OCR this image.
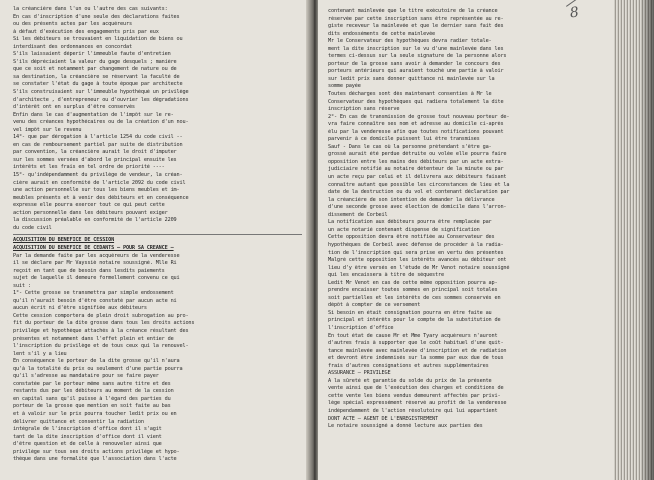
la créancière dans l'un ou l'autre des cas suivants:
En cas d'inscription d'une seule des déclarations faites
ou des présents actes par les acquéreurs
à défaut d'exécution des engagements pris par eux
Si les débiteurs se trouvaient en liquidation de biens ou
interdisant des ordonnances en concordat
S'ils laissaient déperir l'immeuble faute d'entretien
S'ils dépréciaient la valeur du gage desquels ; manière
que ce soit et notamment par changement de nature ou de
sa destination, la créancière se réservant la faculté de
se constater l'état du gage à toute époque par architecte
S'ils construisaient sur l'immeuble hypothéqué un privilège
d'architecte , d'entrepreneur ou d'ouvrier les dégradations
d'intérêt ont en surplus d'être conservés
Enfin dans le cas d'augmentation de l'impôt sur le re-
venu des créances hypothécaires ou de la création d'un nou-
vel impôt sur le revenu
14°- que par dérogation à l'article 1254 du code civil --
en cas de remboursement partiel par suite de distribution
par convention, la créancière aurait le droit d'imputer
sur les sommes versées d'abord le principal ensuite les
intérêts et les frais en tel ordre de priorité ----
15°- qu'indépendamment du privilège de vendeur, la créan-
cière aurait en conformité de l'article 2092 du code civil
une action personnelle sur tous les biens meubles et im-
meubles présents et à venir des débiteurs et en conséquence
expresse elle pourra exercer tout ce qui peut cette
action personnelle dans les débiteurs pouvant exiger
la discussion préalable en conformité de l'article 2209
du code civil
ACQUISITION DU BÉNÉFICE DE CESSION
ACQUISITION DU BÉNÉFICE DE CÉDANTS — POUR SA CRÉANCE —
Par la demande faite par les acquéreurs de la venderesse
il se déclare par Mr Vayssiè notaire soussigné. Mlle Ri
reçoit en tant que de besoin dans lesdits paiements
sujet de laquelle il demeure formellement convenu ce qui
suit :
1°- Cette grosse se transmettra par simple endossement
qu'il n'aurait besoin d'être constaté par aucun acte ni
aucun écrit ni d'être signifiée aux débiteurs
Cette cession comportera de plein droit subrogation au pro-
fit du porteur de la dite grosse dans tous les droits actions
privilège et hypothèque attachés à la créance résultant des
présentes et notamment dans l'effet plein et entier de
l'inscription du privilège et de tous ceux qui la renouvel-
lent s'il y a lieu
En conséquence le porteur de la dite grosse qu'il n'aura
qu'à la totalité du prix ou seulement d'une partie pourra
qu'il s'adresse au mandataire pour se faire payer
constatée par le porteur même sans autre titre et des
restants dus par les débiteurs au moment de la cession
en capital sans qu'il puisse à l'égard des parties du
porteur de la grosse que mention en soit faite au bas
et à valoir sur le prix pourra toucher ledit prix ou en
délivrer quittance et consentir la radiation
intégrale de l'inscription d'office dont il s'agit
tant de la dite inscription d'office dont il vient
d'être question et de celle à renouveler ainsi que
privilège sur tous ses droits actions privilège et hypo-
thèque dans une formalité que l'association dans l'acte
contenant mainlevée que le titre exécutoire de la créance
réservée par cette inscription sans être représentée au re-
giste receveur la mainlevée et que le dernier sans fait des
dits endosséments de cette mainlevée
Mr le Conservateur des hypothèques devra radier totale-
ment la dite inscription sur le vu d'une mainlevée dans les
termes ci-dessus sur la seule signature de la personne alors
porteur de la grosse sans avoir à demander le concours des
porteurs antérieurs qui auraient touché une partie à valoir
sur ledit prix sans donner quittance ni mainlevée sur la
somme payée
Toutes décharges sont dès maintenant consenties à Mr le
Conservateur des hypothèques qui radiera totalement la dite
inscription sans réserve
2°- En cas de transmission de grosse tout nouveau porteur de-
vra faire connaître ses nom et adresse au domicile ci-après
élu par la venderesse afin que toutes notifications pouvant
parvenir à ce domicile puissent lui être transmises
Sauf - Dans le cas où la personne prétendant s'être ga-
grossé aurait été perdue détruite ou volée elle pourra faire
opposition entre les mains des débiteurs par un acte extra-
judiciaire notifié au notaire détenteur de la minute ou par
un acte reçu par celui et il délivrera aux débiteurs faisant
connaître autant que possible les circonstances de lieu et la
date de la destruction ou du vol et contenant déclaration par
la créancière de son intention de demander la délivrance
d'une seconde grosse avec élection de domicile dans l'arron-
dissement de Corbeil
La notification aux débiteurs pourra être remplacée par
un acte notarié contenant dispense de signification
Cette opposition devra être notifiée au Conservateur des
hypothèques de Corbeil avec défense de procéder à la radia-
tion de l'inscription qui sera prise en vertu des présentes
Malgré cette opposition les intérêts avancés au débiteur ont
lieu d'y être versés en l'étude de Mr Venot notaire soussigné
qui les encaissera à titre de séquestre
Ledit Mr Venot en cas de cette même opposition pourra ap-
prendre encaisser toutes sommes en principal soit totales
soit partielles et les intérêts de ces sommes conservés en
dépôt à compter de ce versement
Si besoin en était consignation pourra en être faite au
principal et intérêts pour le compte de la substitution de
l'inscription d'office
En tout état de cause Mr et Mme Tyary acquéreurs n'auront
d'autres frais à supporter que le coût habituel d'une quit-
tance mainlevée avec mainlevée d'inscription et de radiation
et devront être indemnisés sur la somme par eux due de tous
frais d'autres consignations et autres supplémentaires
ASSURANCE — PRIVILÈGE
A la sûreté et garantie du solde du prix de la présente
vente ainsi que de l'exécution des charges et conditions de
cette vente les biens vendus demeurent affectés par privi-
lège spécial expressément réservé au profit de la venderesse
indépendamment de l'action résolutoire qui lui appartient
DONT ACTE — AGENT DE L'ENREGISTREMENT
Le notaire soussigné a donné lecture aux parties des
8
